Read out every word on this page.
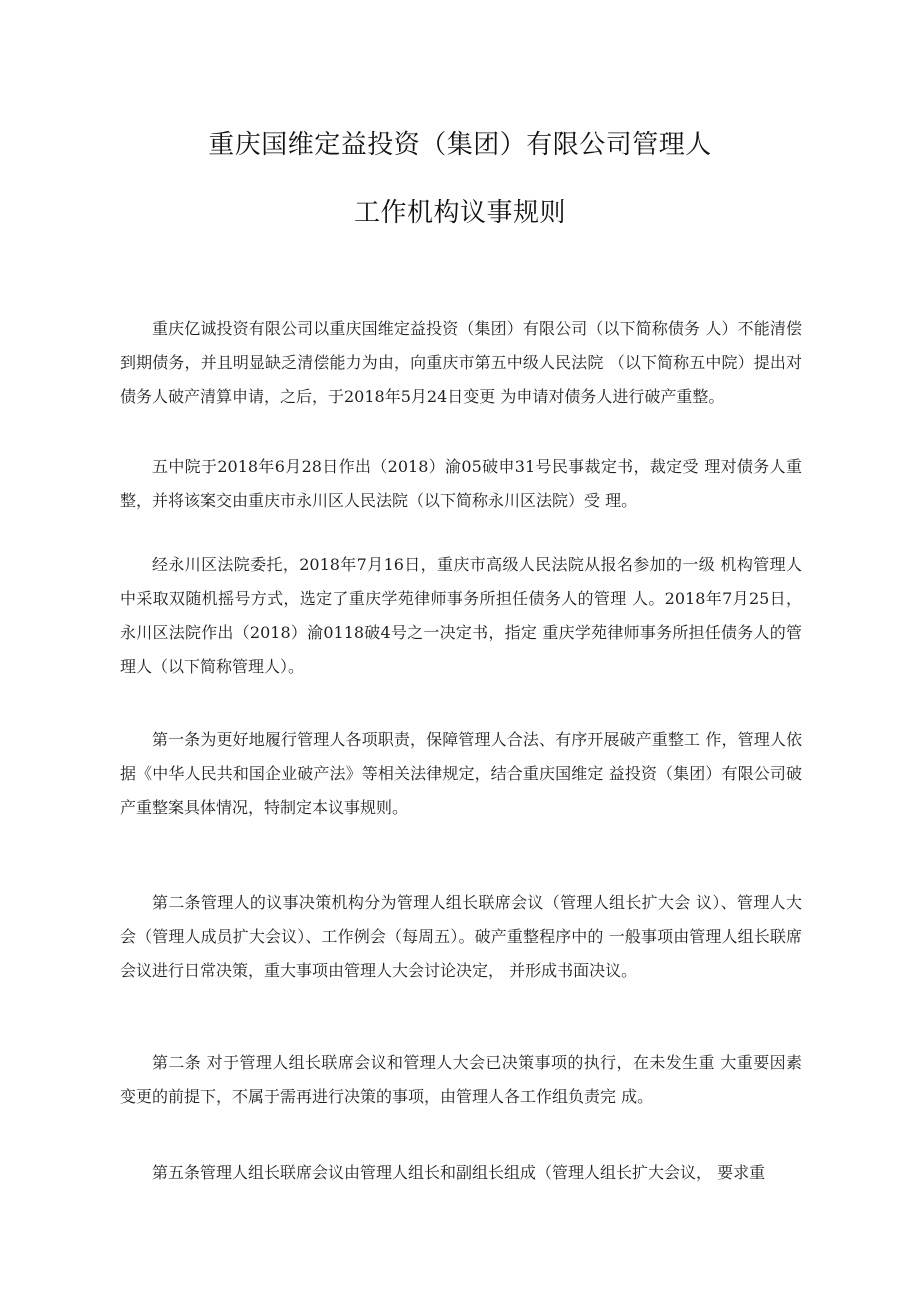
重庆国维定益投资（集团）有限公司管理人
工作机构议事规则

重庆亿诚投资有限公司以重庆国维定益投资（集团）有限公司（以下简称债务 人）不能清偿到期债务，并且明显缺乏清偿能力为由，向重庆市第五中级人民法院 （以下简称五中院）提出对债务人破产清算申请，之后，于2018年5月24日变更 为申请对债务人进行破产重整。

五中院于2018年6月28日作出（2018）渝05破申31号民事裁定书，裁定受 理对债务人重整，并将该案交由重庆市永川区人民法院（以下简称永川区法院）受 理。

经永川区法院委托，2018年7月16日，重庆市高级人民法院从报名参加的一级 机构管理人中采取双随机摇号方式，选定了重庆学苑律师事务所担任债务人的管理 人。2018年7月25日，永川区法院作出（2018）渝0118破4号之一决定书，指定 重庆学苑律师事务所担任债务人的管理人（以下简称管理人）。

第一条为更好地履行管理人各项职责，保障管理人合法、有序开展破产重整工 作，管理人依据《中华人民共和国企业破产法》等相关法律规定，结合重庆国维定 益投资（集团）有限公司破产重整案具体情况，特制定本议事规则。

第二条管理人的议事决策机构分为管理人组长联席会议（管理人组长扩大会 议）、管理人大会（管理人成员扩大会议）、工作例会（每周五）。破产重整程序中的 一般事项由管理人组长联席会议进行日常决策，重大事项由管理人大会讨论决定， 并形成书面决议。

第二条 对于管理人组长联席会议和管理人大会已决策事项的执行，在未发生重 大重要因素变更的前提下，不属于需再进行决策的事项，由管理人各工作组负责完 成。

第五条管理人组长联席会议由管理人组长和副组长组成（管理人组长扩大会议， 要求重
